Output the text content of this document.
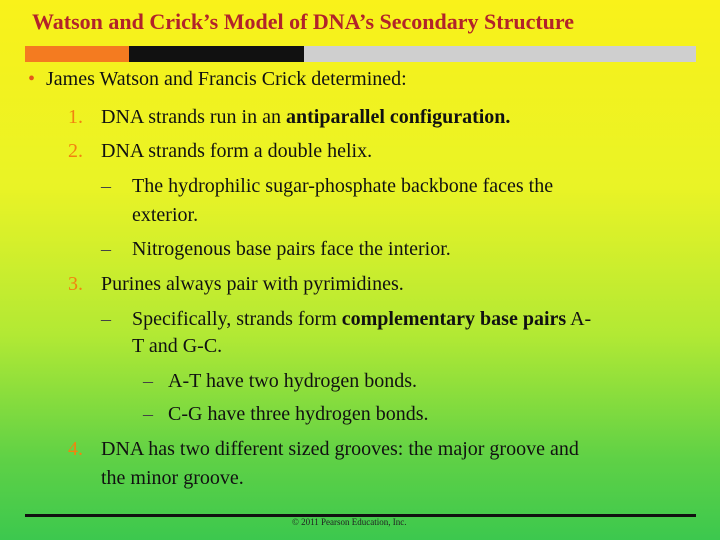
Watson and Crick’s Model of DNA’s Secondary Structure
• James Watson and Francis Crick determined:
1. DNA strands run in an antiparallel configuration.
2. DNA strands form a double helix.
– The hydrophilic sugar-phosphate backbone faces the
exterior.
– Nitrogenous base pairs face the interior.
3. Purines always pair with pyrimidines.
– Specifically, strands form complementary base pairs A-
T and G-C.
– A-T have two hydrogen bonds.
– C-G have three hydrogen bonds.
4. DNA has two different sized grooves: the major groove and
the minor groove.
© 2011 Pearson Education, Inc.
